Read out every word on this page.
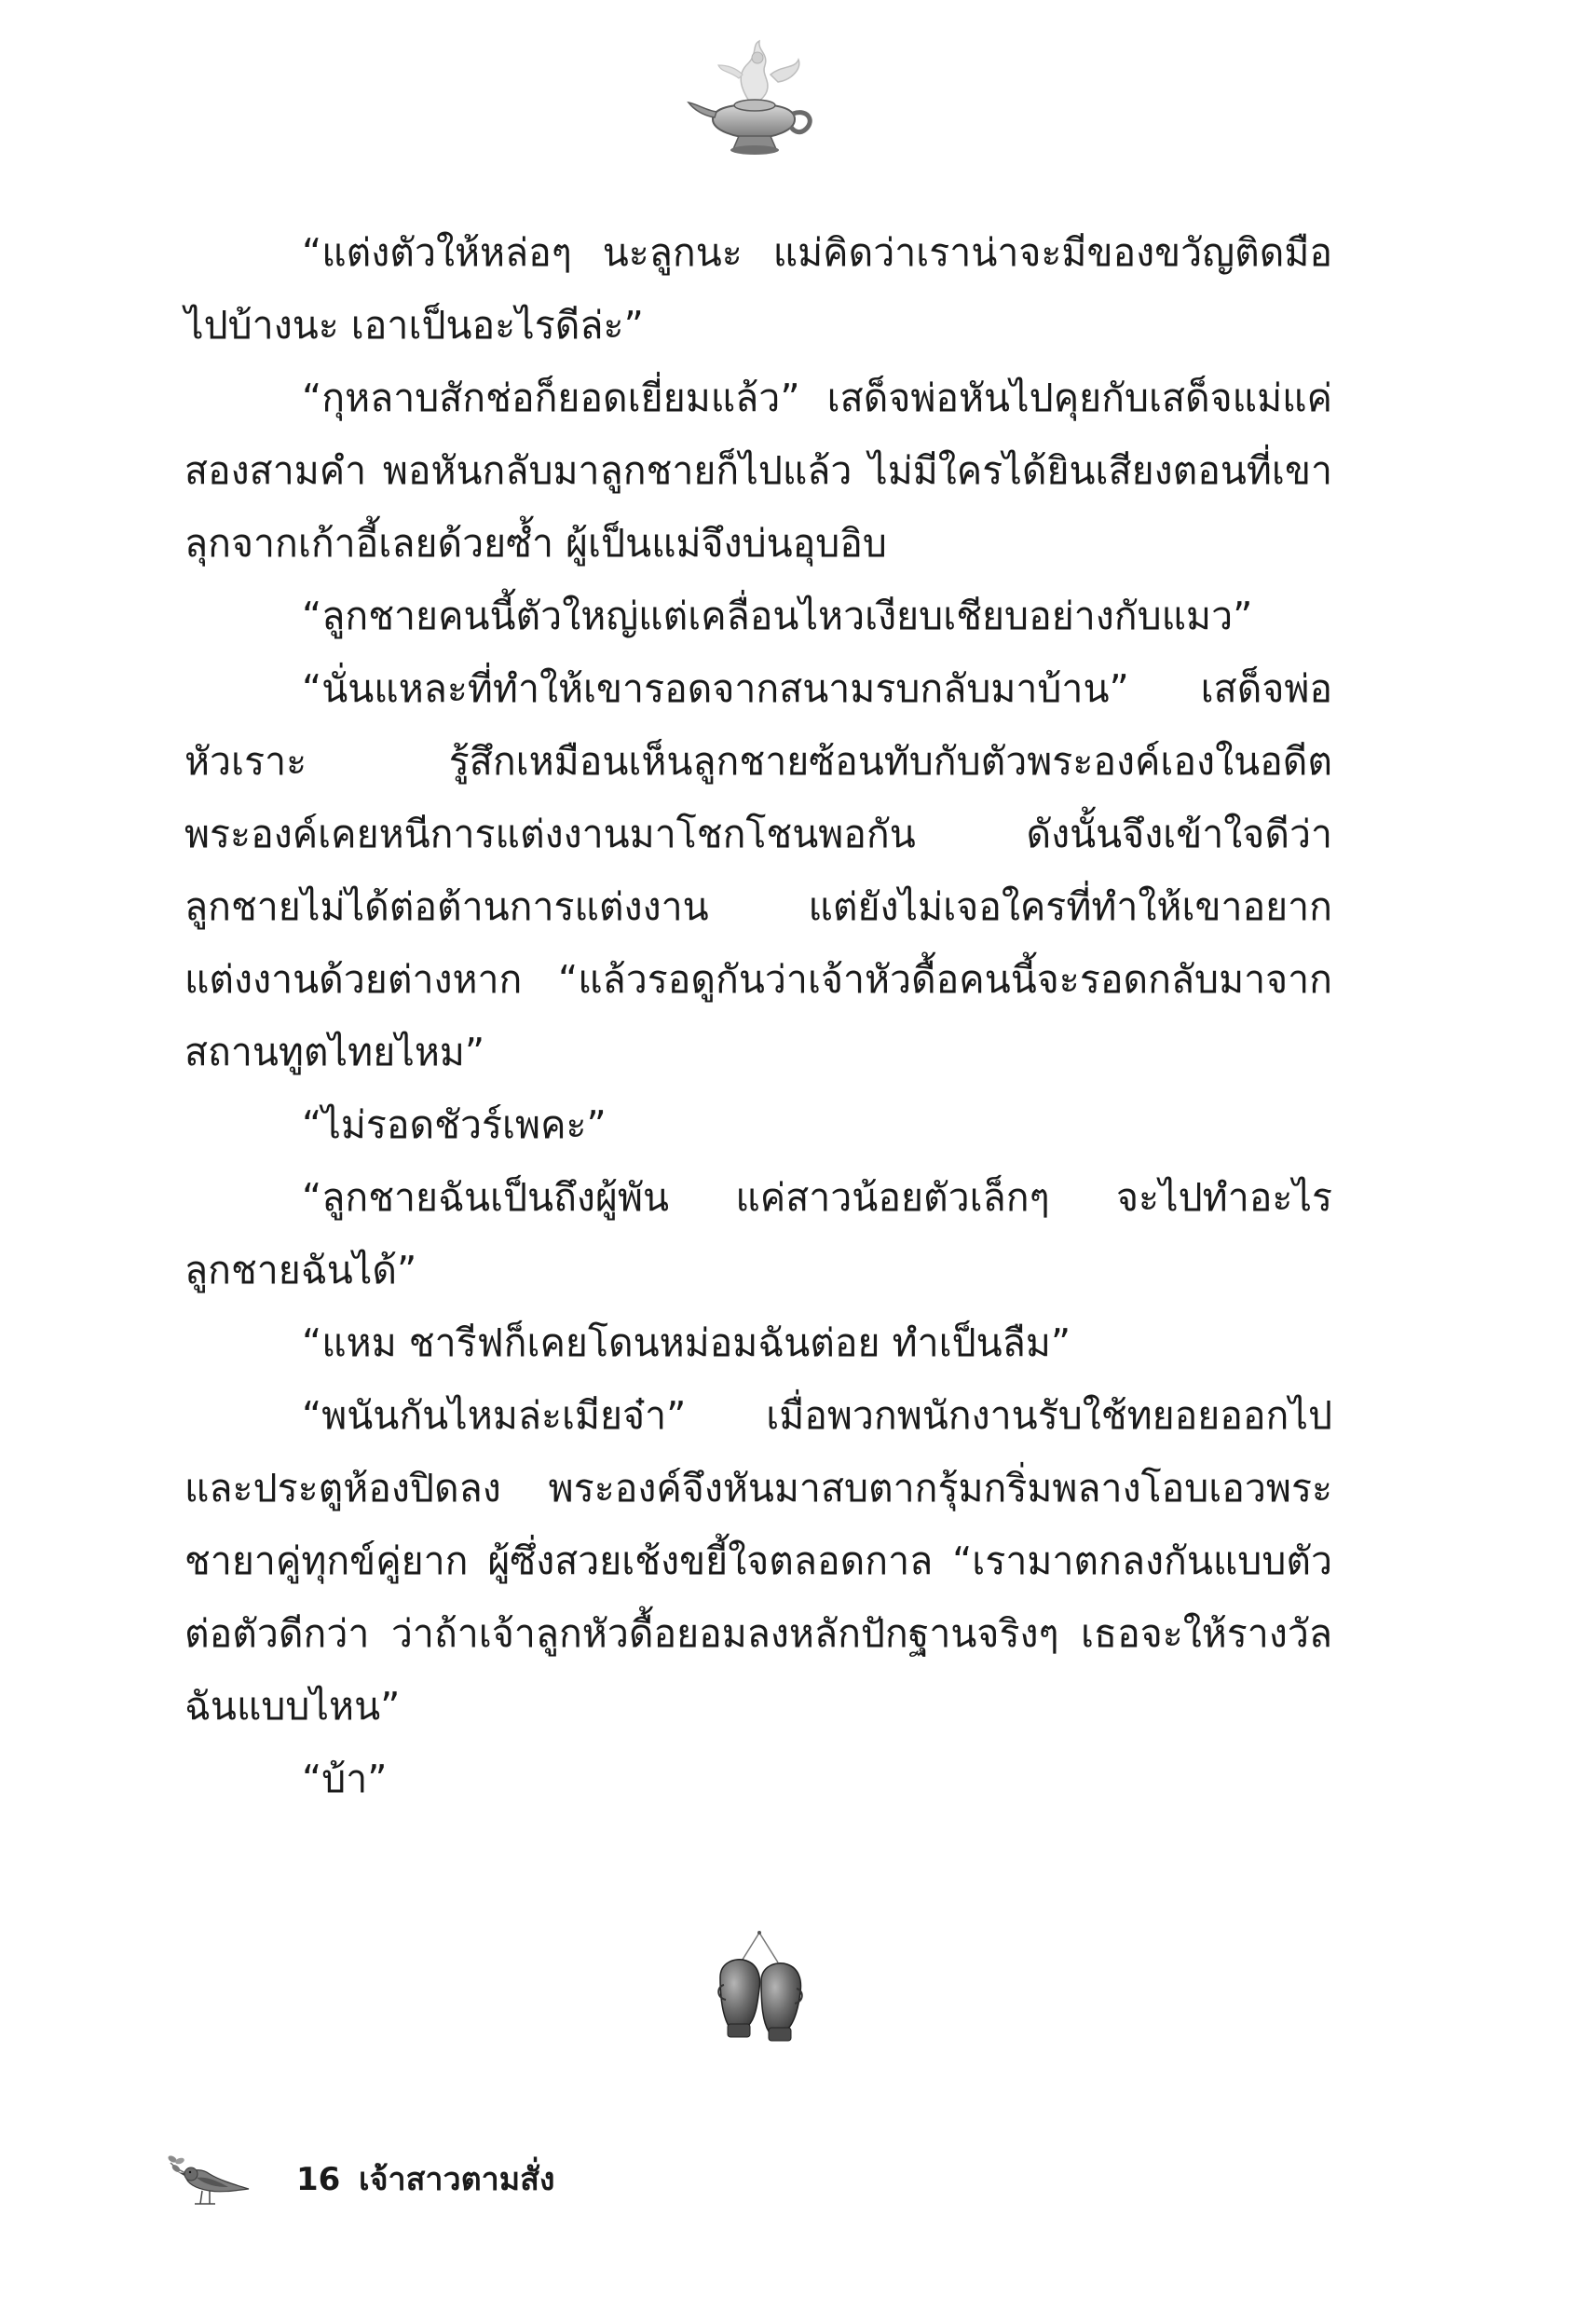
“แต่งตัวให้หล่อๆ นะลูกนะ แม่คิดว่าเราน่าจะมีของขวัญติดมือไปบ้างนะ เอาเป็นอะไรดีล่ะ”

“กุหลาบสักช่อก็ยอดเยี่ยมแล้ว” เสด็จพ่อหันไปคุยกับเสด็จแม่แค่สองสามคำ พอหันกลับมาลูกชายก็ไปแล้ว ไม่มีใครได้ยินเสียงตอนที่เขาลุกจากเก้าอี้เลยด้วยซ้ำ ผู้เป็นแม่จึงบ่นอุบอิบ

“ลูกชายคนนี้ตัวใหญ่แต่เคลื่อนไหวเงียบเชียบอย่างกับแมว”

“นั่นแหละที่ทำให้เขารอดจากสนามรบกลับมาบ้าน” เสด็จพ่อหัวเราะ รู้สึกเหมือนเห็นลูกชายซ้อนทับกับตัวพระองค์เองในอดีต พระองค์เคยหนีการแต่งงานมาโชกโชนพอกัน ดังนั้นจึงเข้าใจดีว่าลูกชายไม่ได้ต่อต้านการแต่งงาน แต่ยังไม่เจอใครที่ทำให้เขาอยากแต่งงานด้วยต่างหาก “แล้วรอดูกันว่าเจ้าหัวดื้อคนนี้จะรอดกลับมาจากสถานทูตไทยไหม”

“ไม่รอดชัวร์เพคะ”

“ลูกชายฉันเป็นถึงผู้พัน แค่สาวน้อยตัวเล็กๆ จะไปทำอะไรลูกชายฉันได้”

“แหม ชารีฟก็เคยโดนหม่อมฉันต่อย ทำเป็นลืม”

“พนันกันไหมล่ะเมียจ๋า” เมื่อพวกพนักงานรับใช้ทยอยออกไปและประตูห้องปิดลง พระองค์จึงหันมาสบตากรุ้มกริ่มพลางโอบเอวพระชายาคู่ทุกข์คู่ยาก ผู้ซึ่งสวยเช้งขยี้ใจตลอดกาล “เรามาตกลงกันแบบตัวต่อตัวดีกว่า ว่าถ้าเจ้าลูกหัวดื้อยอมลงหลักปักฐานจริงๆ เธอจะให้รางวัลฉันแบบไหน”

“บ้า”

16 เจ้าสาวตามสั่ง
